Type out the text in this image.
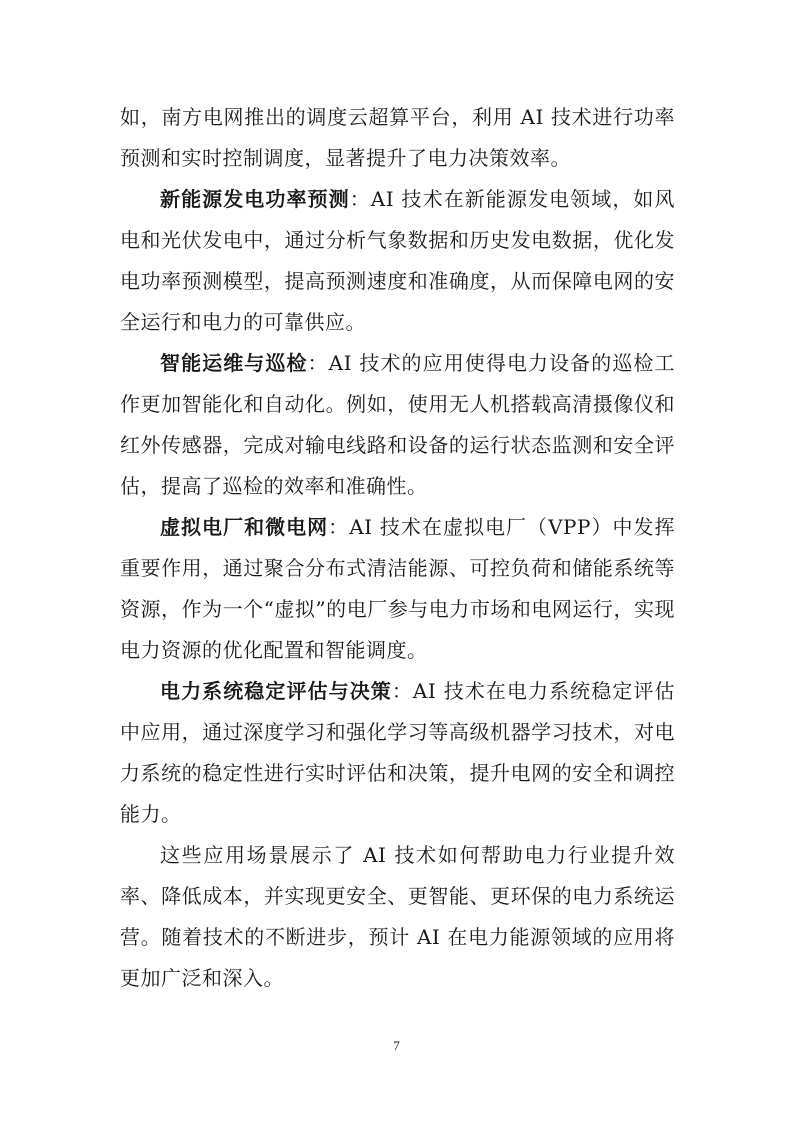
如，南方电网推出的调度云超算平台，利用 AI 技术进行功率预测和实时控制调度，显著提升了电力决策效率。

新能源发电功率预测：AI 技术在新能源发电领域，如风电和光伏发电中，通过分析气象数据和历史发电数据，优化发电功率预测模型，提高预测速度和准确度，从而保障电网的安全运行和电力的可靠供应。

智能运维与巡检：AI 技术的应用使得电力设备的巡检工作更加智能化和自动化。例如，使用无人机搭载高清摄像仪和红外传感器，完成对输电线路和设备的运行状态监测和安全评估，提高了巡检的效率和准确性。

虚拟电厂和微电网：AI 技术在虚拟电厂（VPP）中发挥重要作用，通过聚合分布式清洁能源、可控负荷和储能系统等资源，作为一个“虚拟”的电厂参与电力市场和电网运行，实现电力资源的优化配置和智能调度。

电力系统稳定评估与决策：AI 技术在电力系统稳定评估中应用，通过深度学习和强化学习等高级机器学习技术，对电力系统的稳定性进行实时评估和决策，提升电网的安全和调控能力。

这些应用场景展示了 AI 技术如何帮助电力行业提升效率、降低成本，并实现更安全、更智能、更环保的电力系统运营。随着技术的不断进步，预计 AI 在电力能源领域的应用将更加广泛和深入。

7
